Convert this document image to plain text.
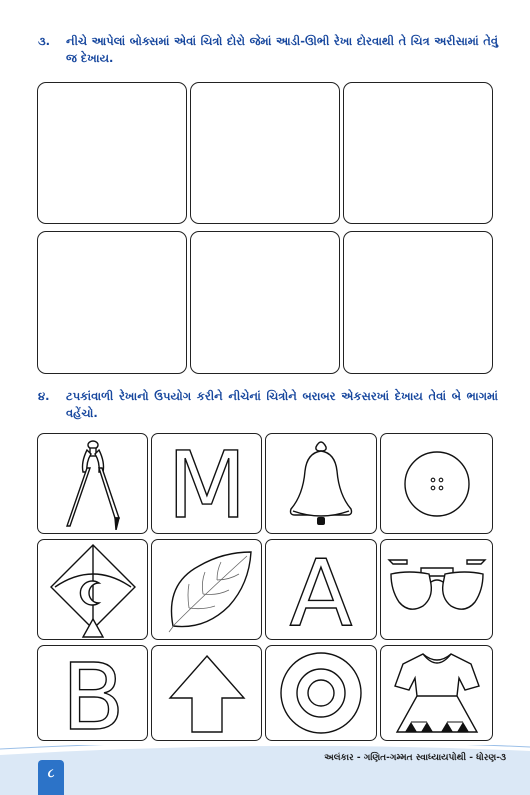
૩. નીચે આપેલાં બોક્સમાં એવાં ચિત્રો દોરો જેમાં આડી-ઊભી રેખા દોરવાથી તે ચિત્ર અરીસામાં તેવું જ દેખાય.
૪. ટપકાંવાળી રેખાનો ઉપયોગ કરીને નીચેનાં ચિત્રોને બરાબર એકસરખાં દેખાય તેવાં બે ભાગમાં વહેંચો.
M
A
B
અલંકાર - ગણિત-ગમ્મત સ્વાધ્યાયપોથી - ધોરણ-૩
૮
